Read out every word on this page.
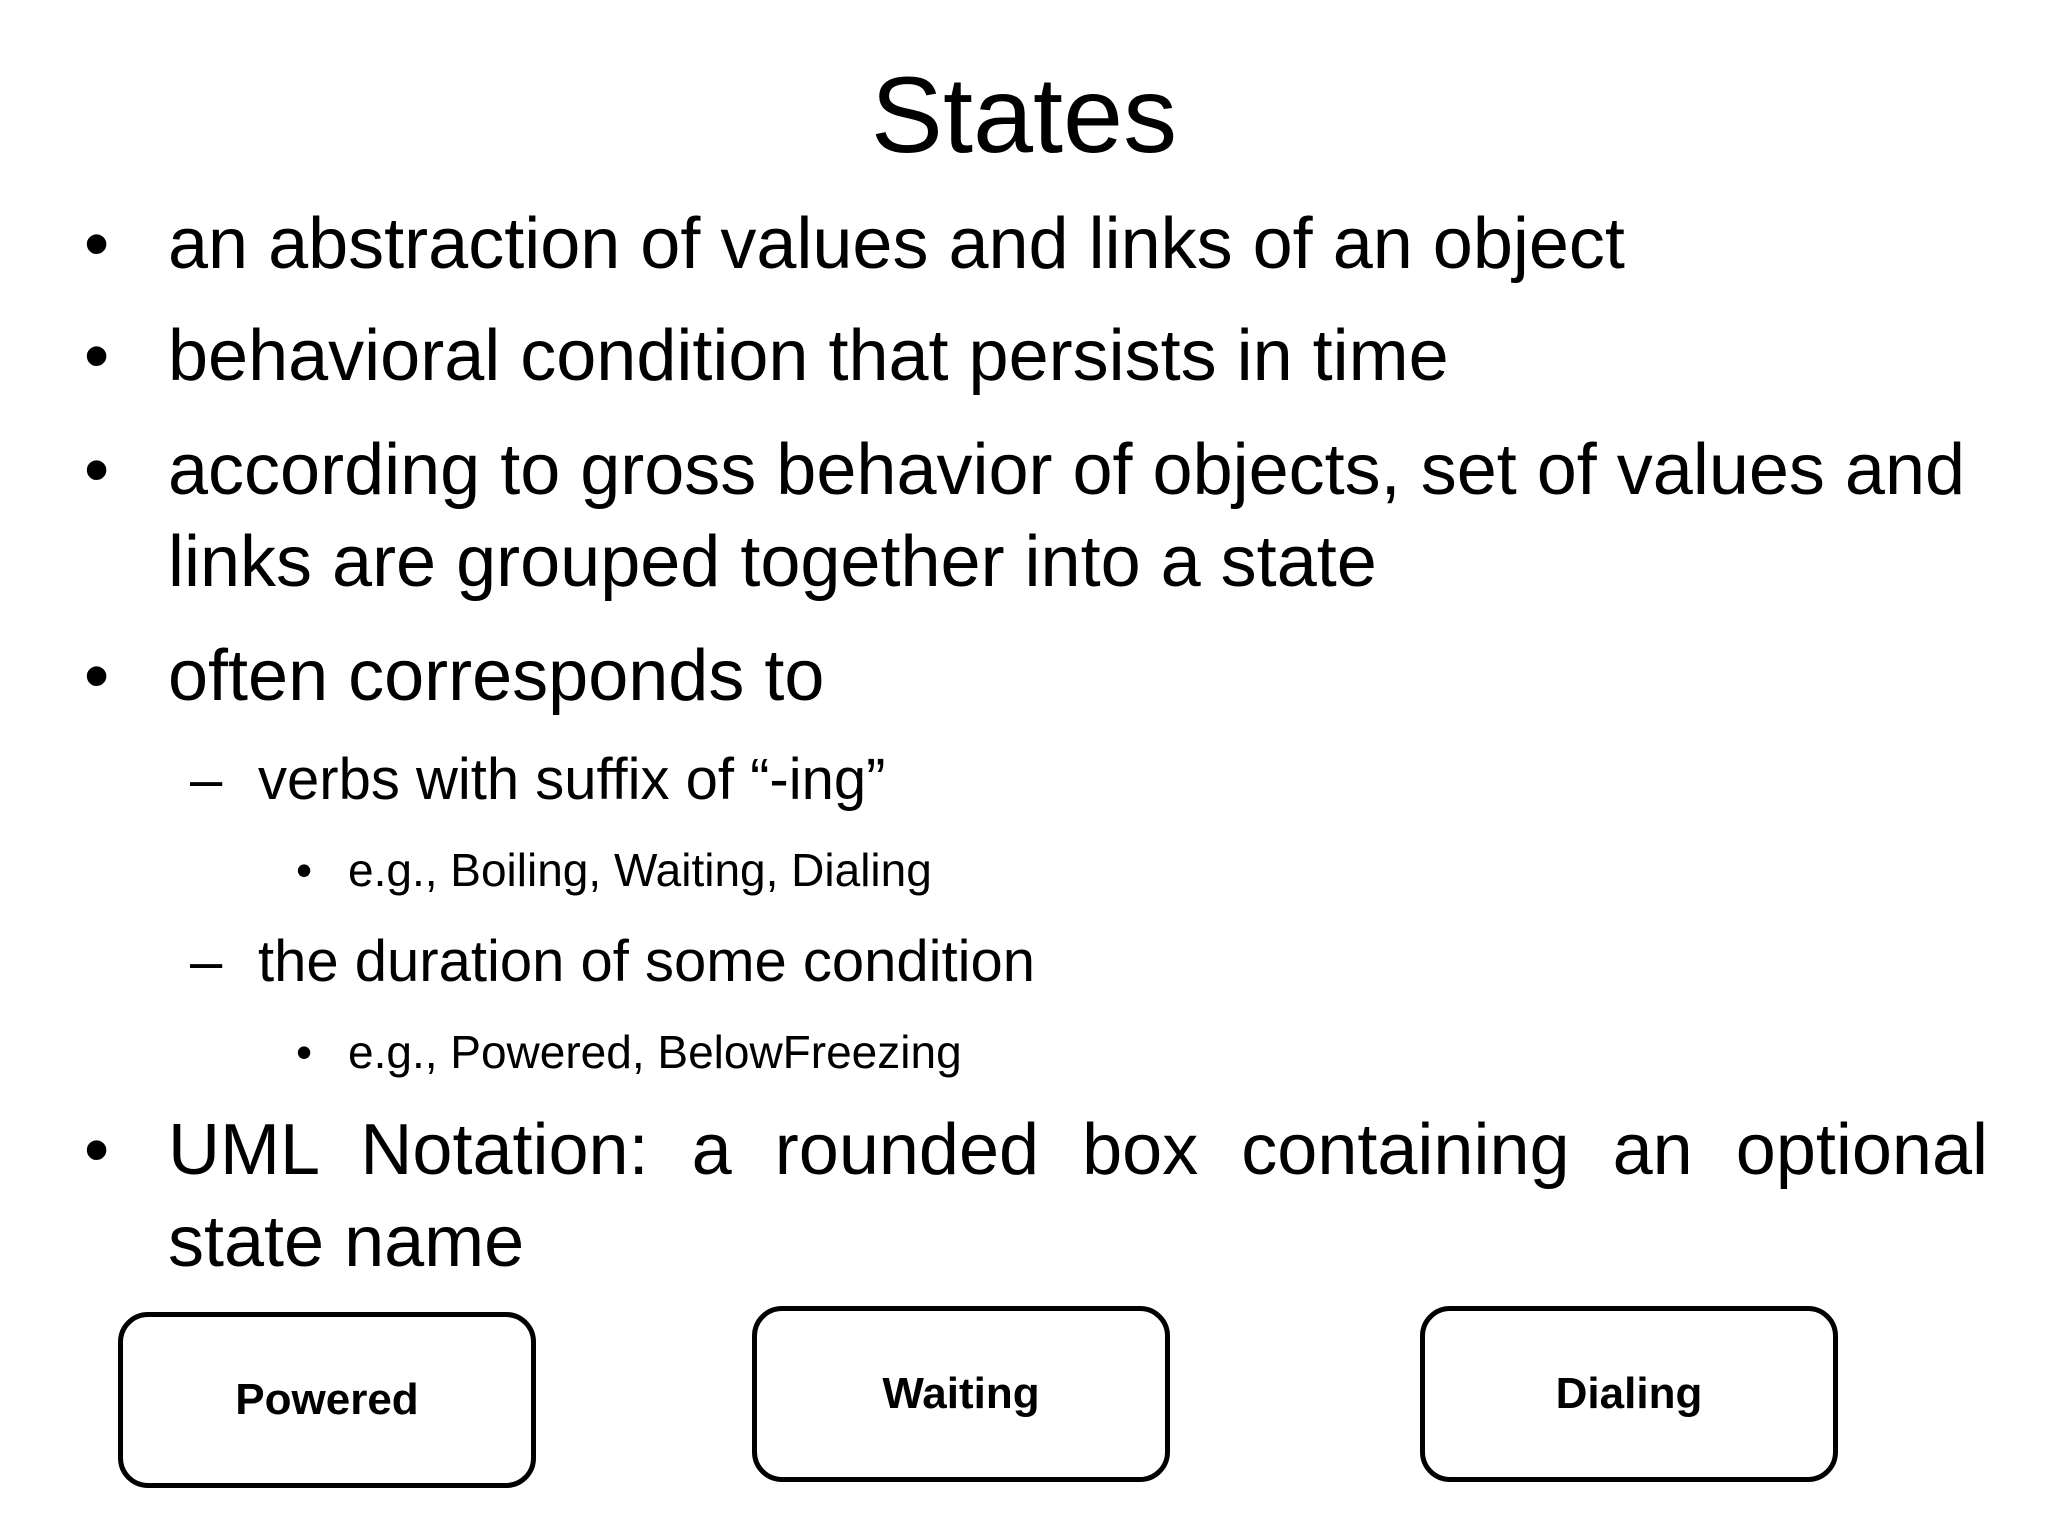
States
• an abstraction of values and links of an object
• behavioral condition that persists in time
• according to gross behavior of objects, set of values and links are grouped together into a state
• often corresponds to
– verbs with suffix of “-ing”
• e.g., Boiling, Waiting, Dialing
– the duration of some condition
• e.g., Powered, BelowFreezing
• UML Notation: a rounded box containing an optional state name
Powered	Waiting	Dialing
